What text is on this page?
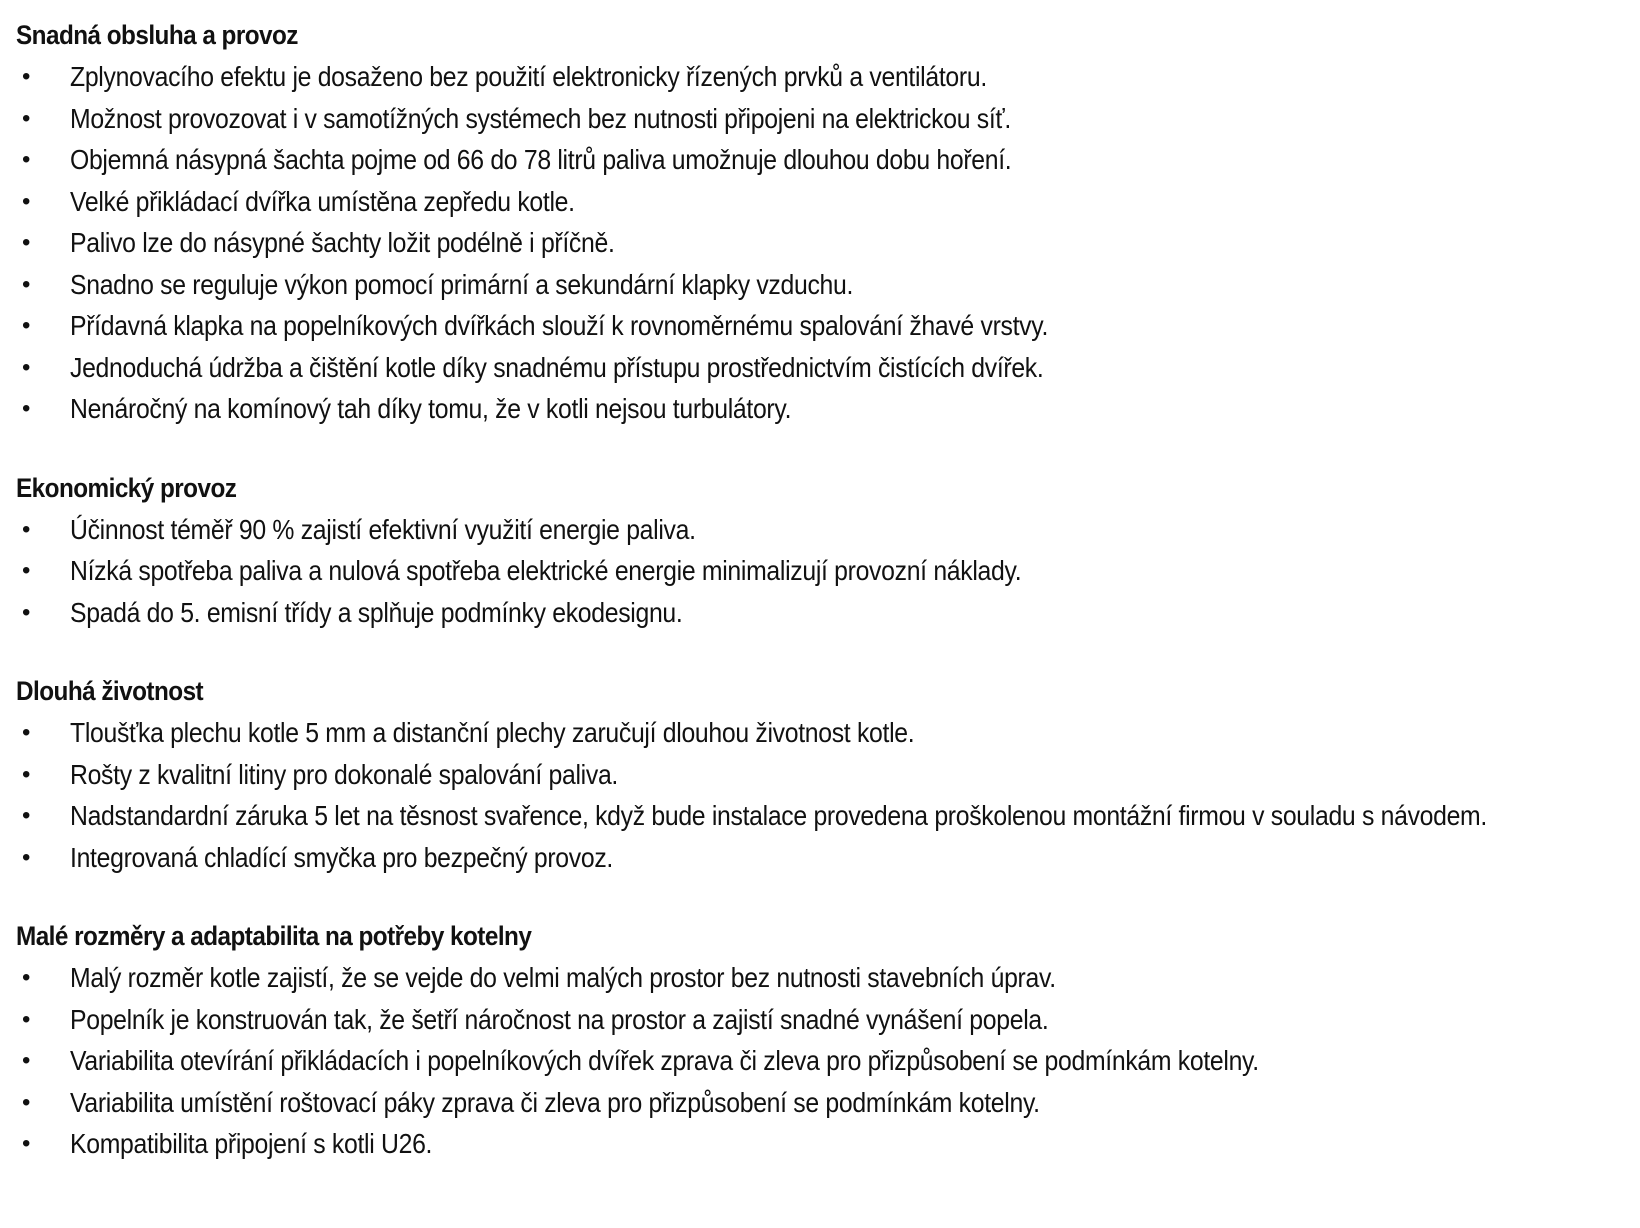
Snadná obsluha a provoz
• Zplynovacího efektu je dosaženo bez použití elektronicky řízených prvků a ventilátoru.
• Možnost provozovat i v samotížných systémech bez nutnosti připojeni na elektrickou síť.
• Objemná násypná šachta pojme od 66 do 78 litrů paliva umožnuje dlouhou dobu hoření.
• Velké přikládací dvířka umístěna zepředu kotle.
• Palivo lze do násypné šachty ložit podélně i příčně.
• Snadno se reguluje výkon pomocí primární a sekundární klapky vzduchu.
• Přídavná klapka na popelníkových dvířkách slouží k rovnoměrnému spalování žhavé vrstvy.
• Jednoduchá údržba a čištění kotle díky snadnému přístupu prostřednictvím čistících dvířek.
• Nenáročný na komínový tah díky tomu, že v kotli nejsou turbulátory.
Ekonomický provoz
• Účinnost téměř 90 % zajistí efektivní využití energie paliva.
• Nízká spotřeba paliva a nulová spotřeba elektrické energie minimalizují provozní náklady.
• Spadá do 5. emisní třídy a splňuje podmínky ekodesignu.
Dlouhá životnost
• Tloušťka plechu kotle 5 mm a distanční plechy zaručují dlouhou životnost kotle.
• Rošty z kvalitní litiny pro dokonalé spalování paliva.
• Nadstandardní záruka 5 let na těsnost svařence, když bude instalace provedena proškolenou montážní firmou v souladu s návodem.
• Integrovaná chladící smyčka pro bezpečný provoz.
Malé rozměry a adaptabilita na potřeby kotelny
• Malý rozměr kotle zajistí, že se vejde do velmi malých prostor bez nutnosti stavebních úprav.
• Popelník je konstruován tak, že šetří náročnost na prostor a zajistí snadné vynášení popela.
• Variabilita otevírání přikládacích i popelníkových dvířek zprava či zleva pro přizpůsobení se podmínkám kotelny.
• Variabilita umístění roštovací páky zprava či zleva pro přizpůsobení se podmínkám kotelny.
• Kompatibilita připojení s kotli U26.
